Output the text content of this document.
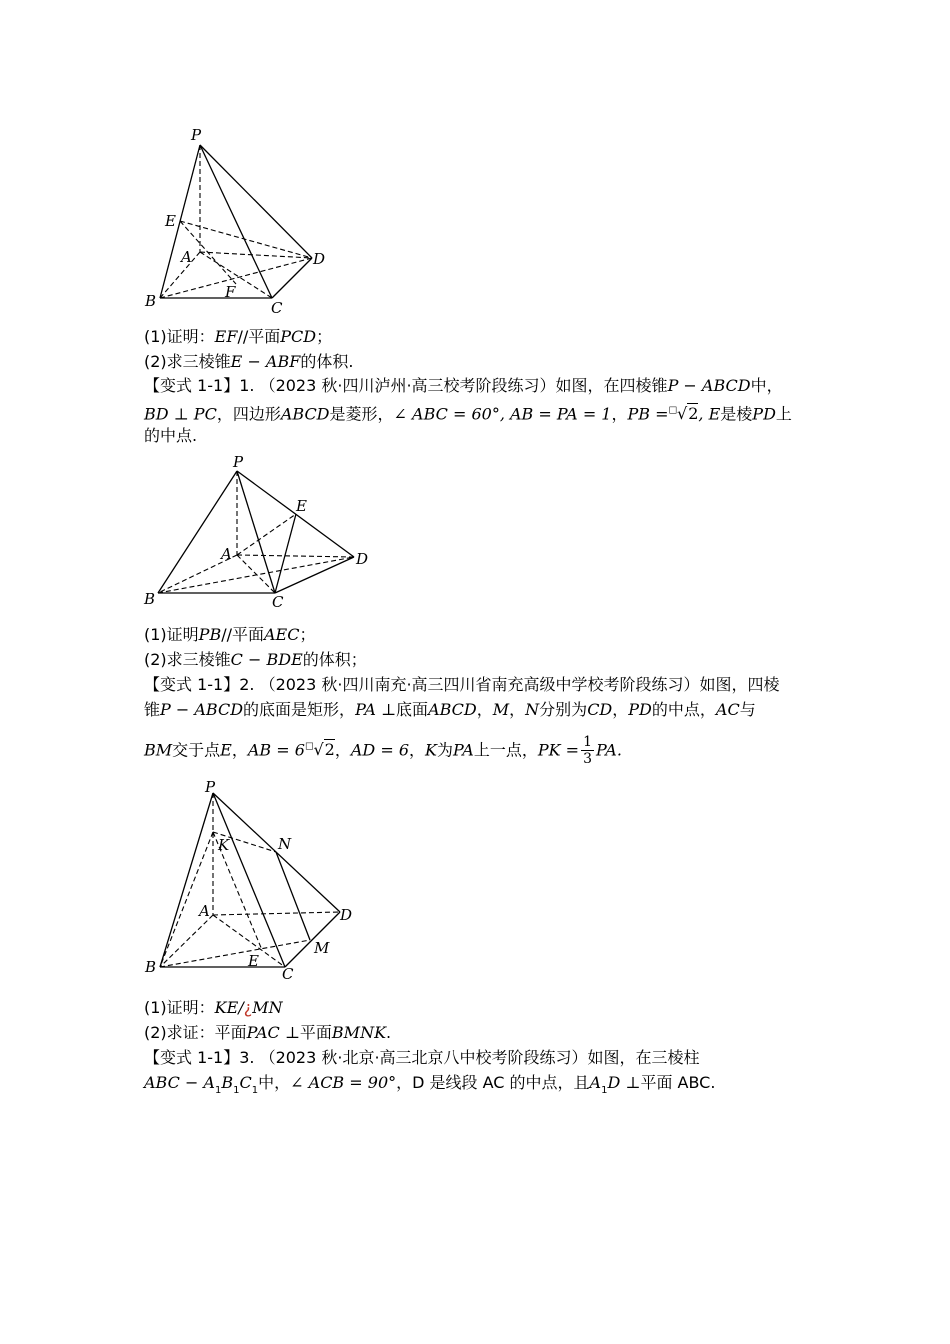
P
E
A	D
B	F
C
P
E
A	D
B	C
P
K	N
A	D
M
B	E
C
(1)证明：EF//平面PCD；
(2)求三棱锥E − ABF的体积.
【变式 1-1】1. （2023 秋·四川泸州·高三校考阶段练习）如图，在四棱锥P − ABCD中，
BD ⊥ PC，四边形ABCD是菱形，∠ ABC = 60°, AB = PA = 1，PB =□√2, E是棱PD上
的中点.
(1)证明PB//平面AEC；
(2)求三棱锥C − BDE的体积；
【变式 1-1】2. （2023 秋·四川南充·高三四川省南充高级中学校考阶段练习）如图，四棱
锥P − ABCD的底面是矩形，PA ⊥底面ABCD，M，N分别为CD，PD的中点，AC与
BM交于点E，AB = 6□√2，AD = 6，K为PA上一点，PK = $\frac{1}{3}$ PA.
(1)证明：KE/¿MN
(2)求证：平面PAC ⊥平面BMNK.
【变式 1-1】3. （2023 秋·北京·高三北京八中校考阶段练习）如图，在三棱柱
ABC − $A_1B_1C_1$中，∠ ACB = 90°，D 是线段 AC 的中点，且$A_1D$ ⊥平面 ABC.
